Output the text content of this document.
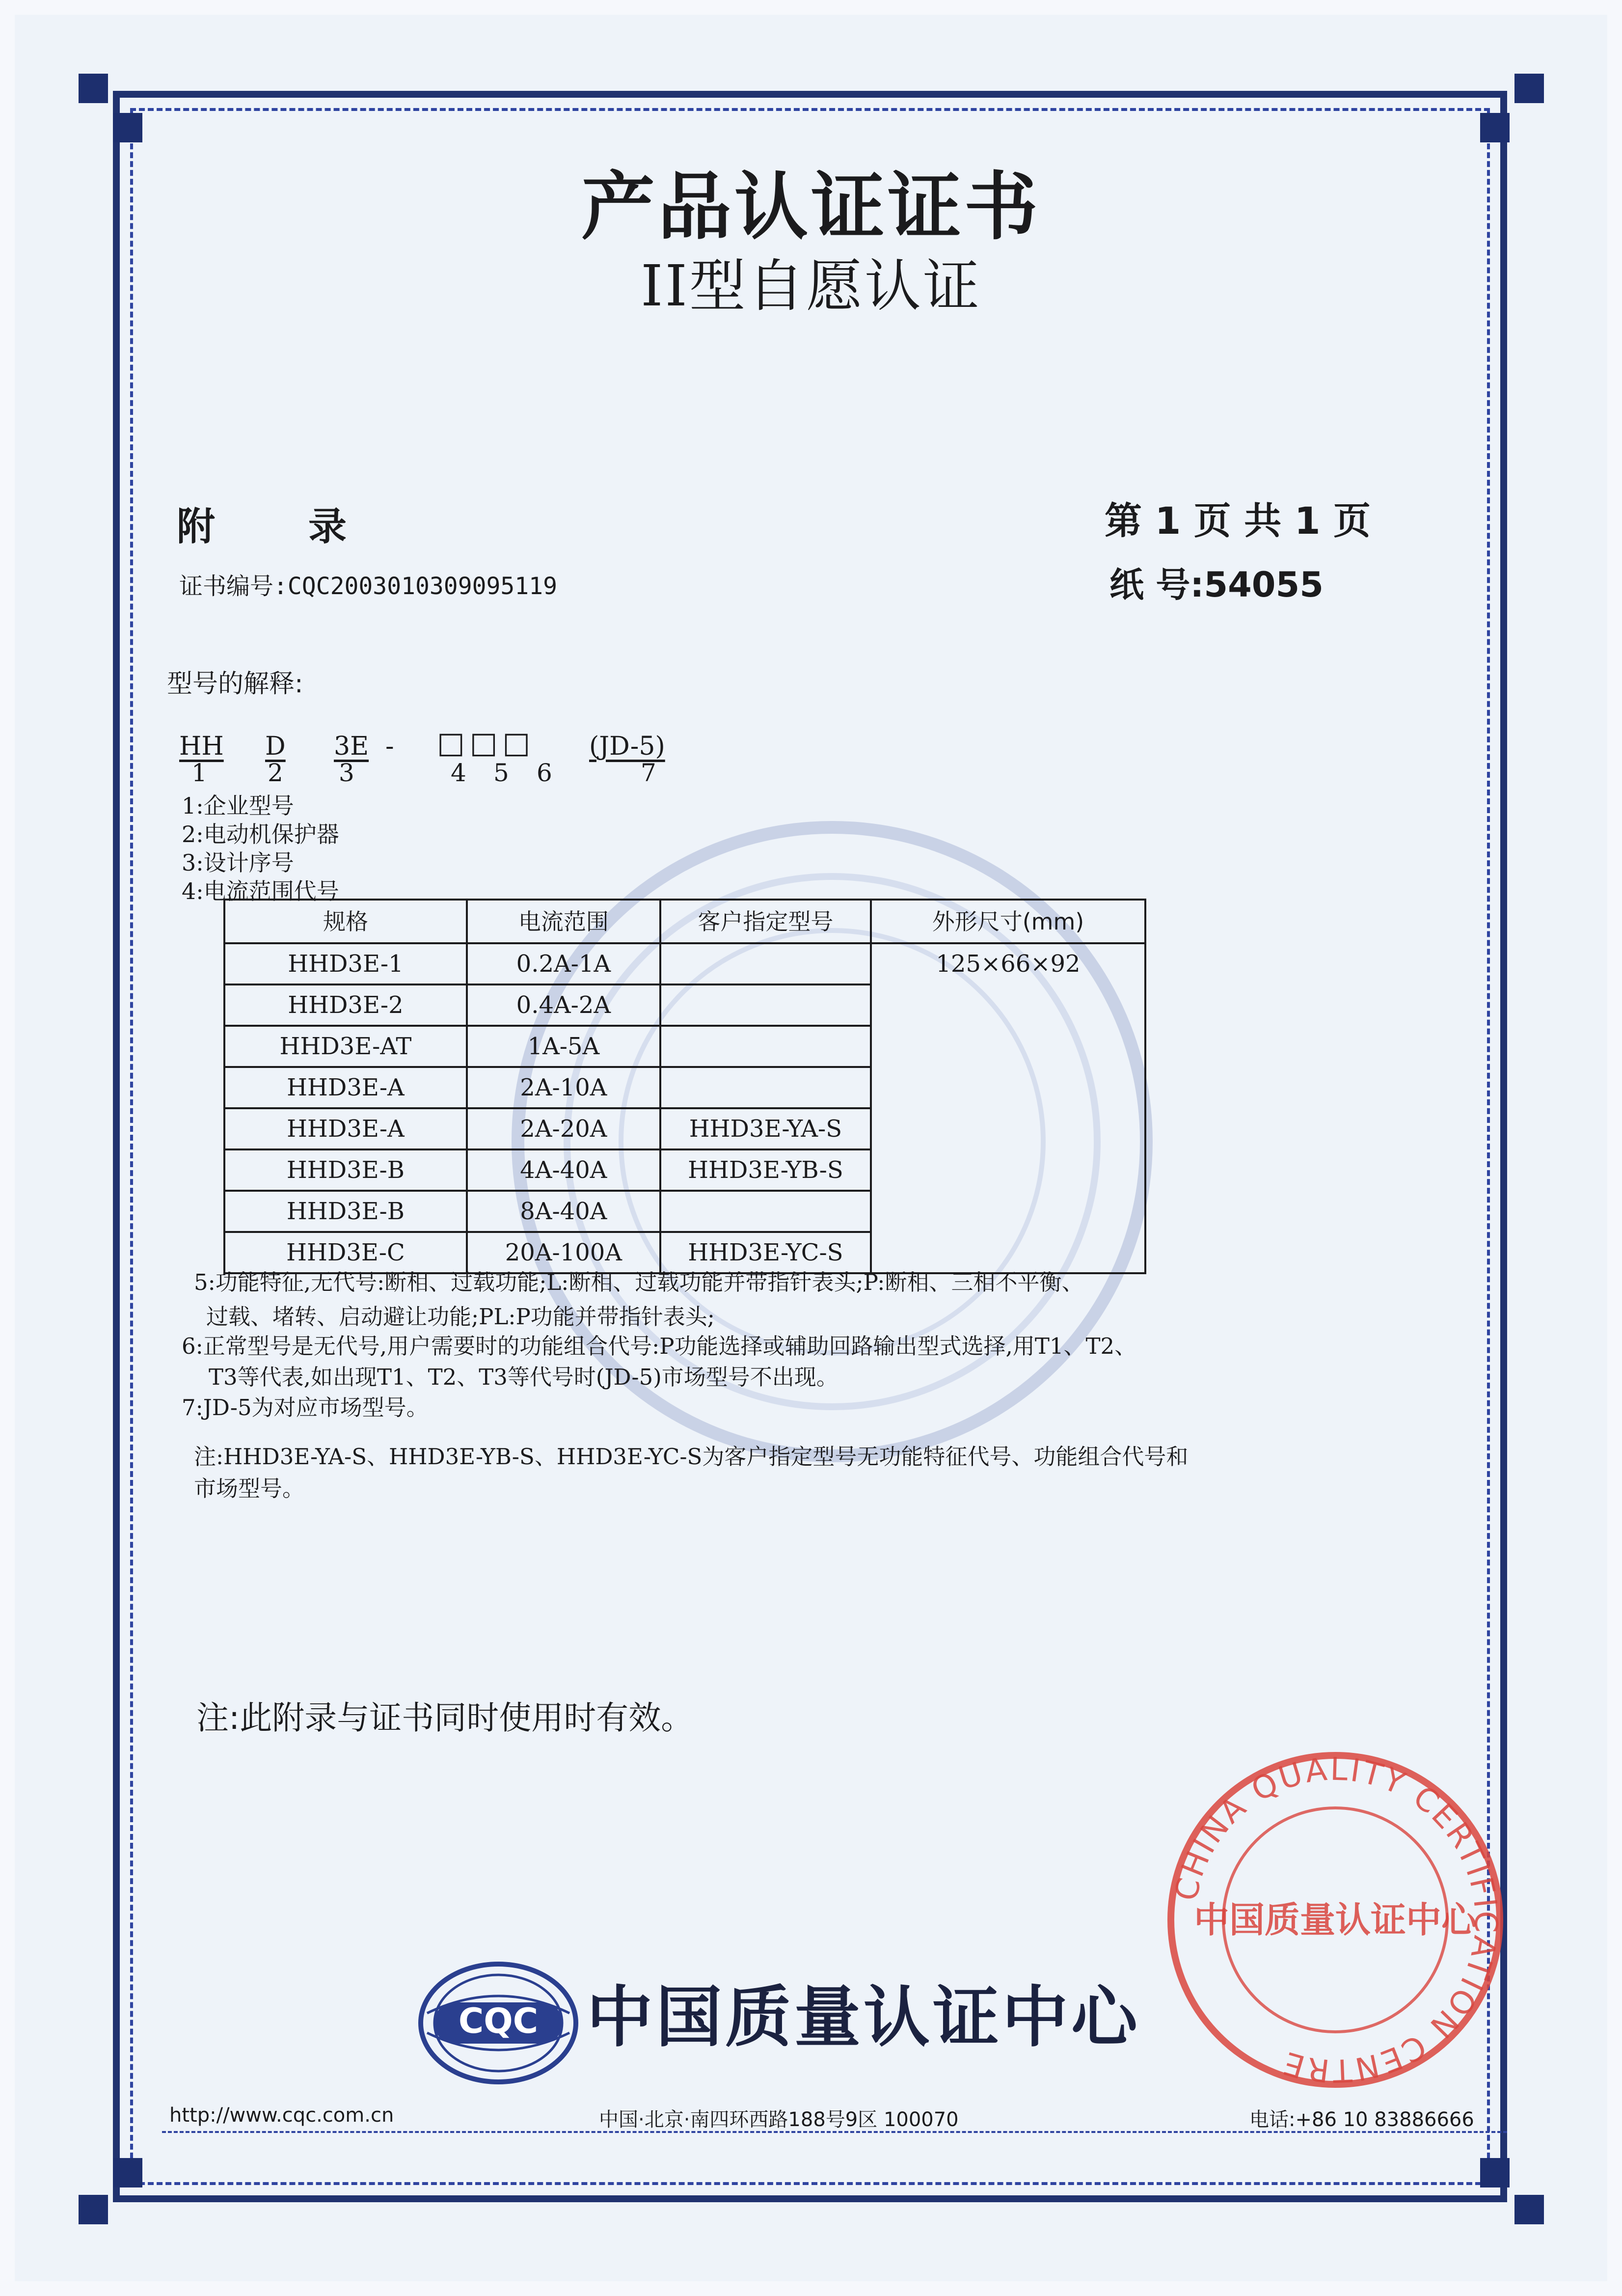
产品认证证书
II型自愿认证
附 录	第 1 页 共 1 页
证书编号:CQC2003010309095119	纸 号:54055
型号的解释:
HH D 3E - □□□ (JD-5)
1 2 3	4 5 6	7
1:企业型号
2:电动机保护器
3:设计序号
4:电流范围代号
规格	电流范围	客户指定型号	外形尺寸(mm)
HHD3E-1	0.2A-1A		125×66×92
HHD3E-2	0.4A-2A		
HHD3E-AT	1A-5A		
HHD3E-A	2A-10A		
HHD3E-A	2A-20A	HHD3E-YA-S	
HHD3E-B	4A-40A	HHD3E-YB-S	
HHD3E-B	8A-40A		
HHD3E-C	20A-100A	HHD3E-YC-S	
5:功能特征,无代号:断相、过载功能;L:断相、过载功能并带指针表头;P:断相、三相不平衡、
过载、堵转、启动避让功能;PL:P功能并带指针表头;
6:正常型号是无代号,用户需要时的功能组合代号:P功能选择或辅助回路输出型式选择,用T1、T2、
T3等代表,如出现T1、T2、T3等代号时(JD-5)市场型号不出现。
7:JD-5为对应市场型号。
注:HHD3E-YA-S、HHD3E-YB-S、HHD3E-YC-S为客户指定型号无功能特征代号、功能组合代号和
市场型号。
注:此附录与证书同时使用时有效。
CQC 中国质量认证中心
CHINA QUALITY CERTIFICATION CENTRE
中国质量认证中心
http://www.cqc.com.cn	中国·北京·南四环西路188号9区 100070	电话:+86 10 83886666
